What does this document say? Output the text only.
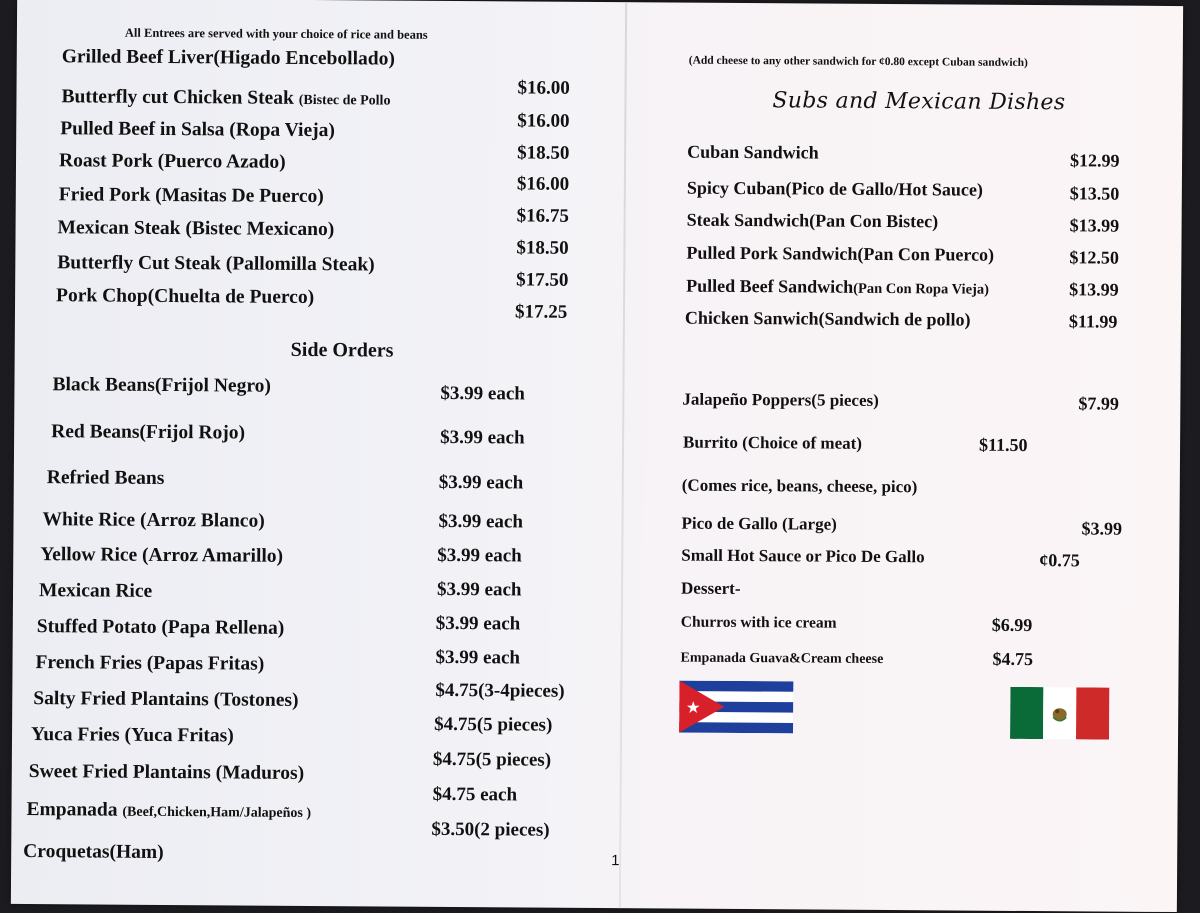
All Entrees are served with your choice of rice and beans
Grilled Beef Liver(Higado Encebollado)
$16.00
Butterfly cut Chicken Steak (Bistec de Pollo
$16.00
Pulled Beef in Salsa (Ropa Vieja)
$18.50
Roast Pork (Puerco Azado)
$16.00
Fried Pork (Masitas De Puerco)
$16.75
Mexican Steak (Bistec Mexicano)
$18.50
Butterfly Cut Steak (Pallomilla Steak)
$17.50
Pork Chop(Chuelta de Puerco)
$17.25
Side Orders
Black Beans(Frijol Negro)	$3.99 each
Red Beans(Frijol Rojo)	$3.99 each
Refried Beans	$3.99 each
White Rice (Arroz Blanco)	$3.99 each
Yellow Rice (Arroz Amarillo)	$3.99 each
Mexican Rice	$3.99 each
Stuffed Potato (Papa Rellena)	$3.99 each
French Fries (Papas Fritas)	$3.99 each
Salty Fried Plantains (Tostones)	$4.75(3-4pieces)
Yuca Frieѕ (Yuca Fritas)	$4.75(5 pieces)
Sweet Fried Plantains (Maduros)
$4.75(5 pieces)
Empanada (Beef,Chicken,Ham/Jalapeños )
$4.75 each
Croquetaѕ(Ham)
$3.50(2 pieces)
1
(Add cheese to any other sandwich for ¢0.80 except Cuban sandwich)
Subs and Mexican Dishes
Cuban Sandwich	$12.99
Spicy Cuban(Pico de Gallo/Hot Sauce)	$13.50
Steak Sandwich(Pan Con Bistec)	$13.99
Pulled Pork Sandwich(Pan Con Puerco)	$12.50
Pulled Beef Sandwich(Pan Con Ropa Vieja)	$13.99
Chicken Sanwich(Sandwich de pollo)	$11.99
Jalapeño Poppers(5 pieces)	$7.99
Burrito (Choice of meat)	$11.50
(Comes rice, beans, cheese, pico)
Pico de Gallo (Large)	$3.99
Small Hot Sauce or Pico De Gallo	¢0.75
Dessert-
Churros with ice cream	$6.99
Empanada Guava&Cream cheese	$4.75
